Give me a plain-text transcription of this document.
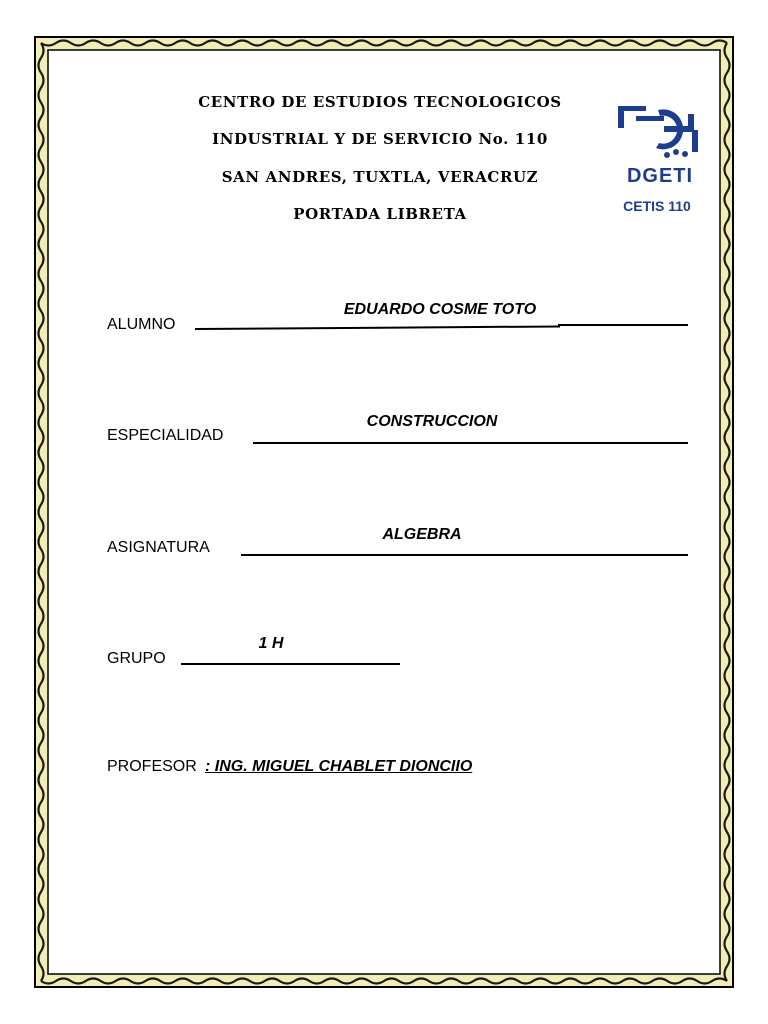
CENTRO DE ESTUDIOS TECNOLOGICOS
INDUSTRIAL Y DE SERVICIO No. 110
SAN ANDRES, TUXTLA, VERACRUZ
PORTADA LIBRETA
DGETI
CETIS 110
ALUMNO
EDUARDO COSME TOTO
ESPECIALIDAD
CONSTRUCCION
ASIGNATURA
ALGEBRA
GRUPO
1 H
PROFESOR : ING. MIGUEL CHABLET DIONCIIO
